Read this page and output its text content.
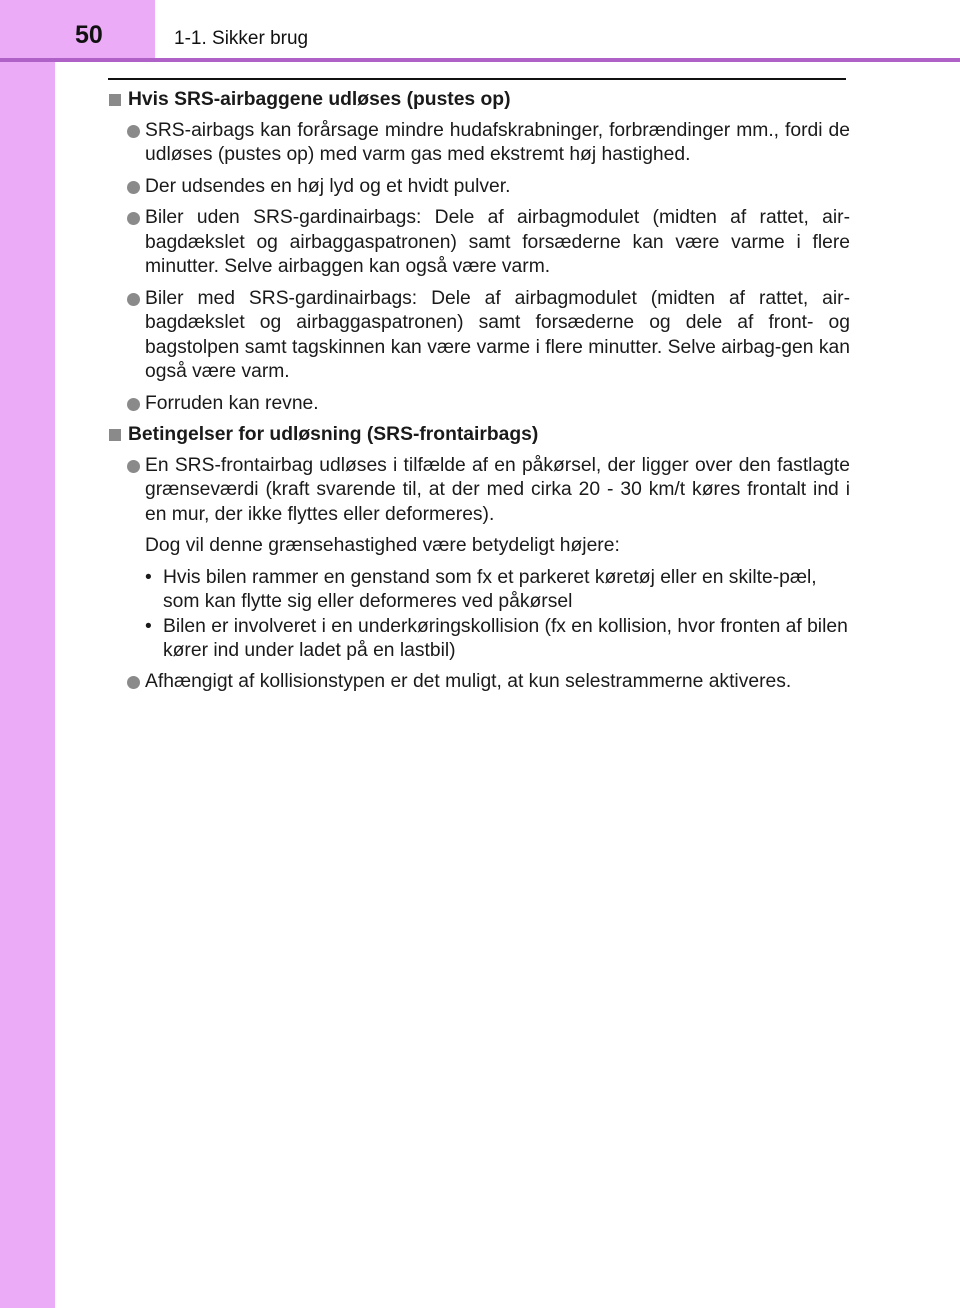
50	1-1. Sikker brug
Hvis SRS-airbaggene udløses (pustes op)
SRS-airbags kan forårsage mindre hudafskrabninger, forbrændinger mm., fordi de udløses (pustes op) med varm gas med ekstremt høj hastighed.
Der udsendes en høj lyd og et hvidt pulver.
Biler uden SRS-gardinairbags: Dele af airbagmodulet (midten af rattet, air-bagdækslet og airbaggaspatronen) samt forsæderne kan være varme i flere minutter. Selve airbaggen kan også være varm.
Biler med SRS-gardinairbags: Dele af airbagmodulet (midten af rattet, air-bagdækslet og airbaggaspatronen) samt forsæderne og dele af front- og bagstolpen samt tagskinnen kan være varme i flere minutter. Selve airbag-gen kan også være varm.
Forruden kan revne.
Betingelser for udløsning (SRS-frontairbags)
En SRS-frontairbag udløses i tilfælde af en påkørsel, der ligger over den fastlagte grænseværdi (kraft svarende til, at der med cirka 20 - 30 km/t køres frontalt ind i en mur, der ikke flyttes eller deformeres).
Dog vil denne grænsehastighed være betydeligt højere:
• Hvis bilen rammer en genstand som fx et parkeret køretøj eller en skilte-pæl, som kan flytte sig eller deformeres ved påkørsel
• Bilen er involveret i en underkøringskollision (fx en kollision, hvor fronten af bilen kører ind under ladet på en lastbil)
Afhængigt af kollisionstypen er det muligt, at kun selestrammerne aktiveres.
